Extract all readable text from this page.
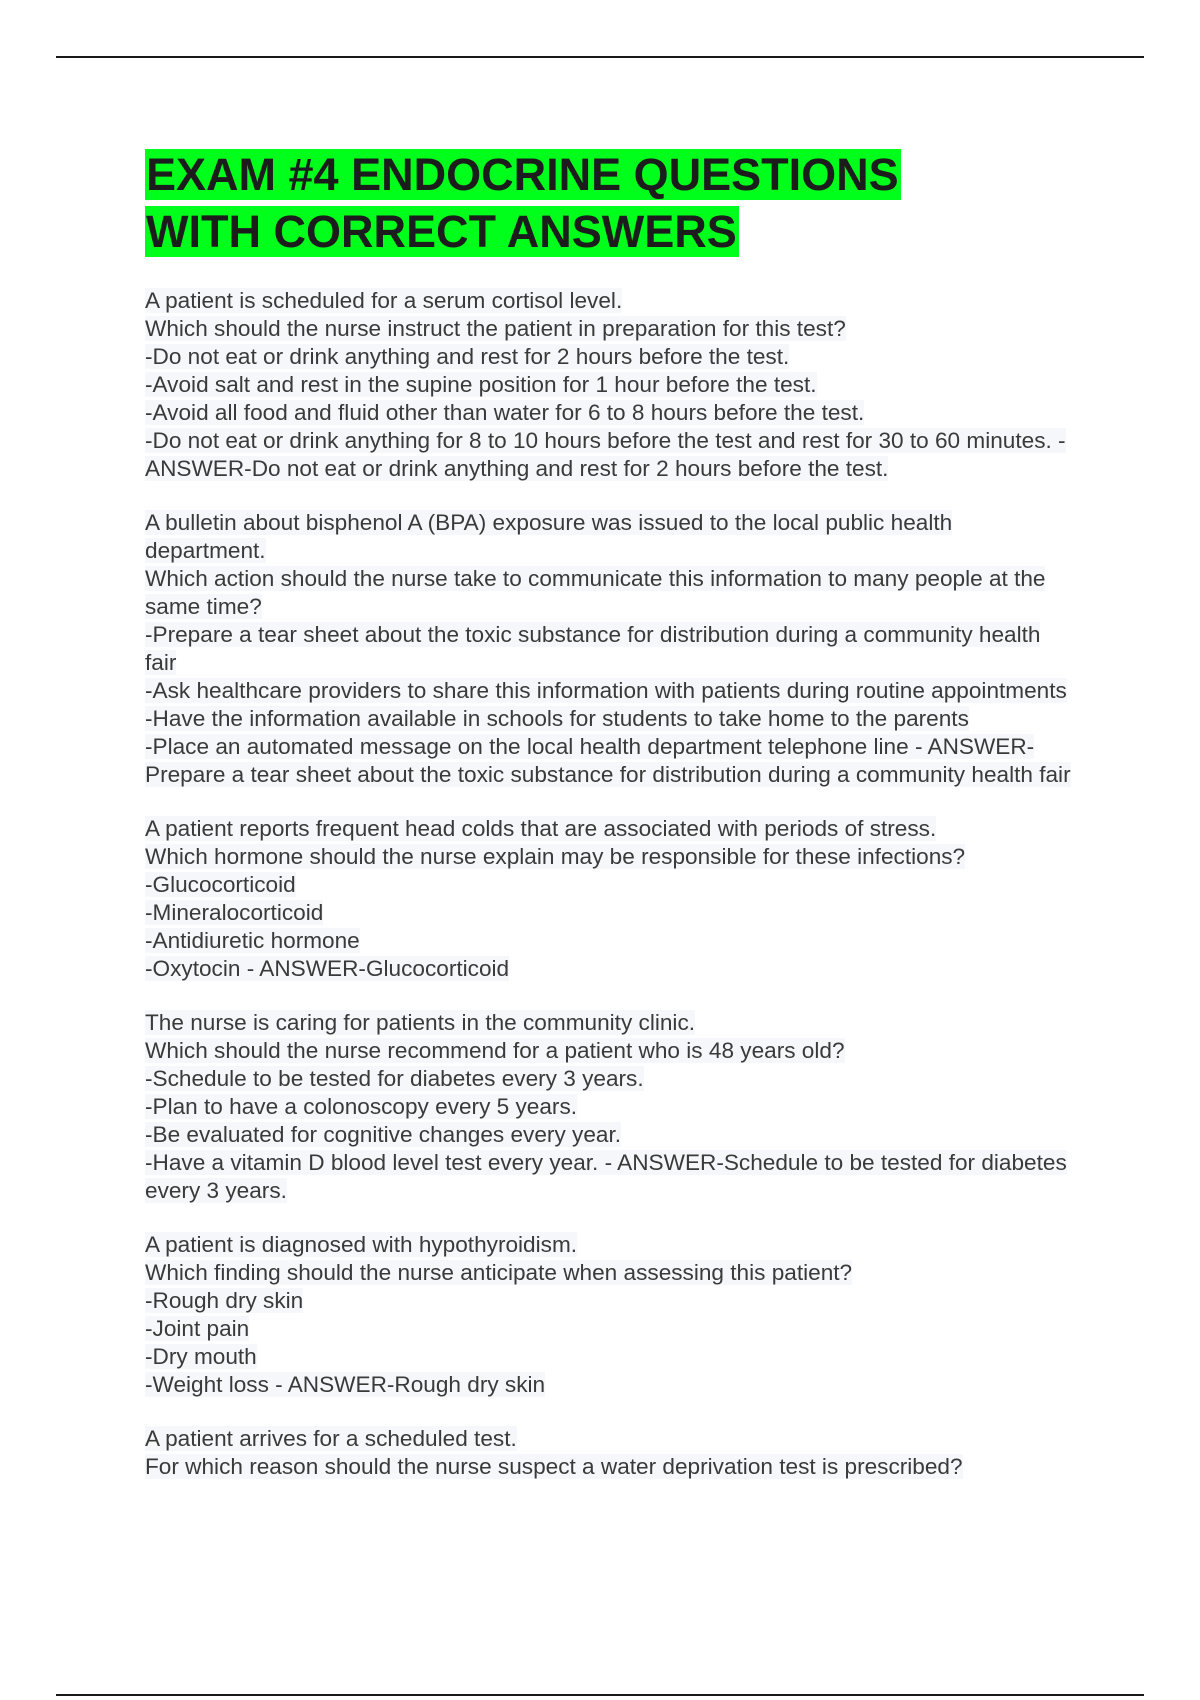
EXAM #4 ENDOCRINE QUESTIONS
WITH CORRECT ANSWERS
A patient is scheduled for a serum cortisol level.
Which should the nurse instruct the patient in preparation for this test?
-Do not eat or drink anything and rest for 2 hours before the test.
-Avoid salt and rest in the supine position for 1 hour before the test.
-Avoid all food and fluid other than water for 6 to 8 hours before the test.
-Do not eat or drink anything for 8 to 10 hours before the test and rest for 30 to 60 minutes. - ANSWER-Do not eat or drink anything and rest for 2 hours before the test.
A bulletin about bisphenol A (BPA) exposure was issued to the local public health department.
Which action should the nurse take to communicate this information to many people at the same time?
-Prepare a tear sheet about the toxic substance for distribution during a community health fair
-Ask healthcare providers to share this information with patients during routine appointments
-Have the information available in schools for students to take home to the parents
-Place an automated message on the local health department telephone line - ANSWER-Prepare a tear sheet about the toxic substance for distribution during a community health fair
A patient reports frequent head colds that are associated with periods of stress.
Which hormone should the nurse explain may be responsible for these infections?
-Glucocorticoid
-Mineralocorticoid
-Antidiuretic hormone
-Oxytocin - ANSWER-Glucocorticoid
The nurse is caring for patients in the community clinic.
Which should the nurse recommend for a patient who is 48 years old?
-Schedule to be tested for diabetes every 3 years.
-Plan to have a colonoscopy every 5 years.
-Be evaluated for cognitive changes every year.
-Have a vitamin D blood level test every year. - ANSWER-Schedule to be tested for diabetes every 3 years.
A patient is diagnosed with hypothyroidism.
Which finding should the nurse anticipate when assessing this patient?
-Rough dry skin
-Joint pain
-Dry mouth
-Weight loss - ANSWER-Rough dry skin
A patient arrives for a scheduled test.
For which reason should the nurse suspect a water deprivation test is prescribed?
